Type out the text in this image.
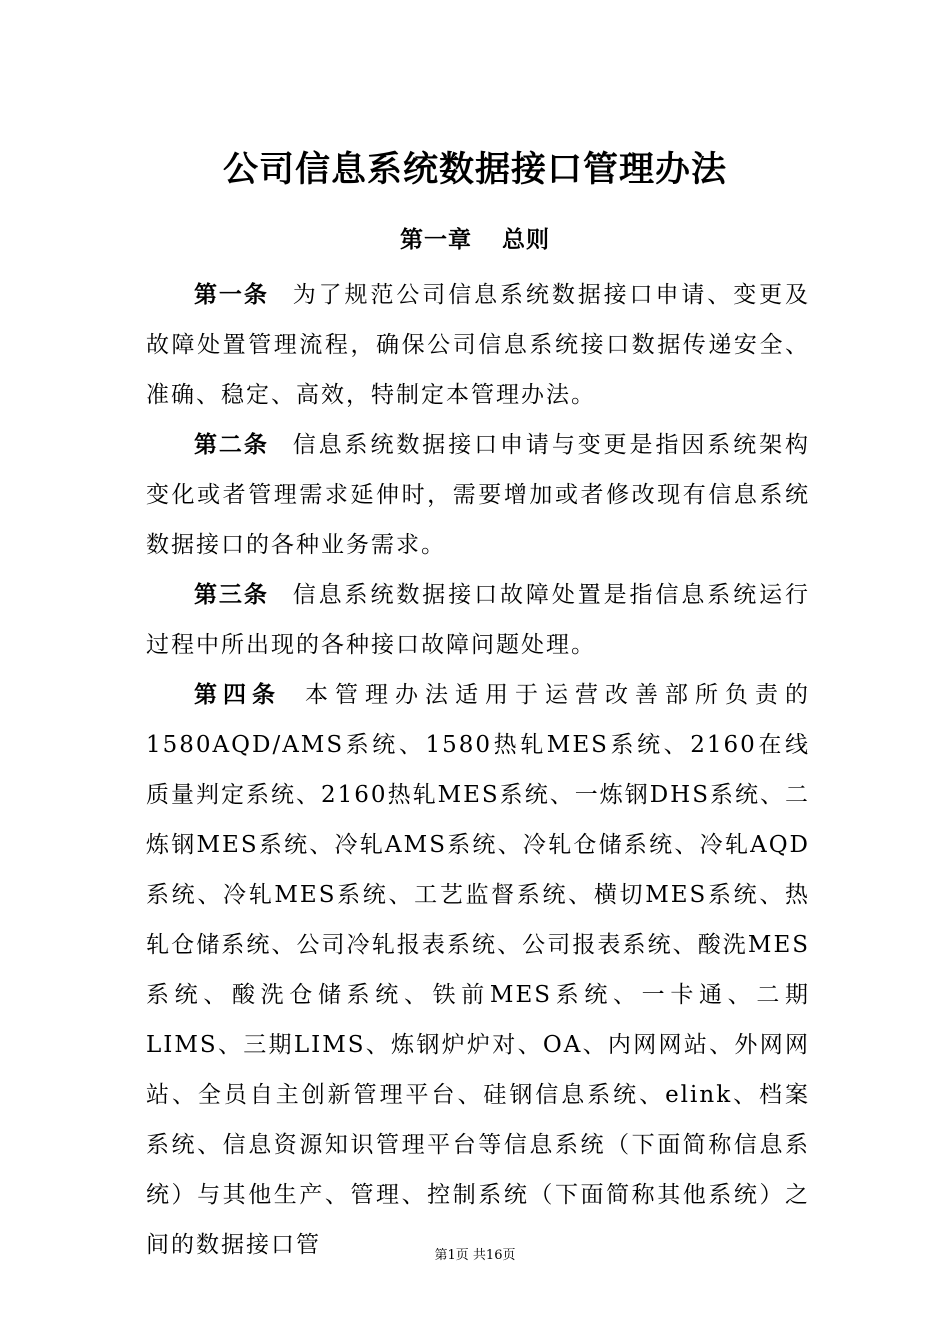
公司信息系统数据接口管理办法
第一章 总则

第一条 为了规范公司信息系统数据接口申请、变更及故障处置管理流程，确保公司信息系统接口数据传递安全、准确、稳定、高效，特制定本管理办法。

第二条 信息系统数据接口申请与变更是指因系统架构变化或者管理需求延伸时，需要增加或者修改现有信息系统数据接口的各种业务需求。

第三条 信息系统数据接口故障处置是指信息系统运行过程中所出现的各种接口故障问题处理。

第四条 本管理办法适用于运营改善部所负责的1580AQD/AMS系统、1580热轧MES系统、2160在线质量判定系统、2160热轧MES系统、一炼钢DHS系统、二炼钢MES系统、冷轧AMS系统、冷轧仓储系统、冷轧AQD系统、冷轧MES系统、工艺监督系统、横切MES系统、热轧仓储系统、公司冷轧报表系统、公司报表系统、酸洗MES系统、酸洗仓储系统、铁前MES系统、一卡通、二期LIMS、三期LIMS、炼钢炉炉对、OA、内网网站、外网网站、全员自主创新管理平台、硅钢信息系统、elink、档案系统、信息资源知识管理平台等信息系统（下面简称信息系统）与其他生产、管理、控制系统（下面简称其他系统）之间的数据接口管	第1页 共16页
